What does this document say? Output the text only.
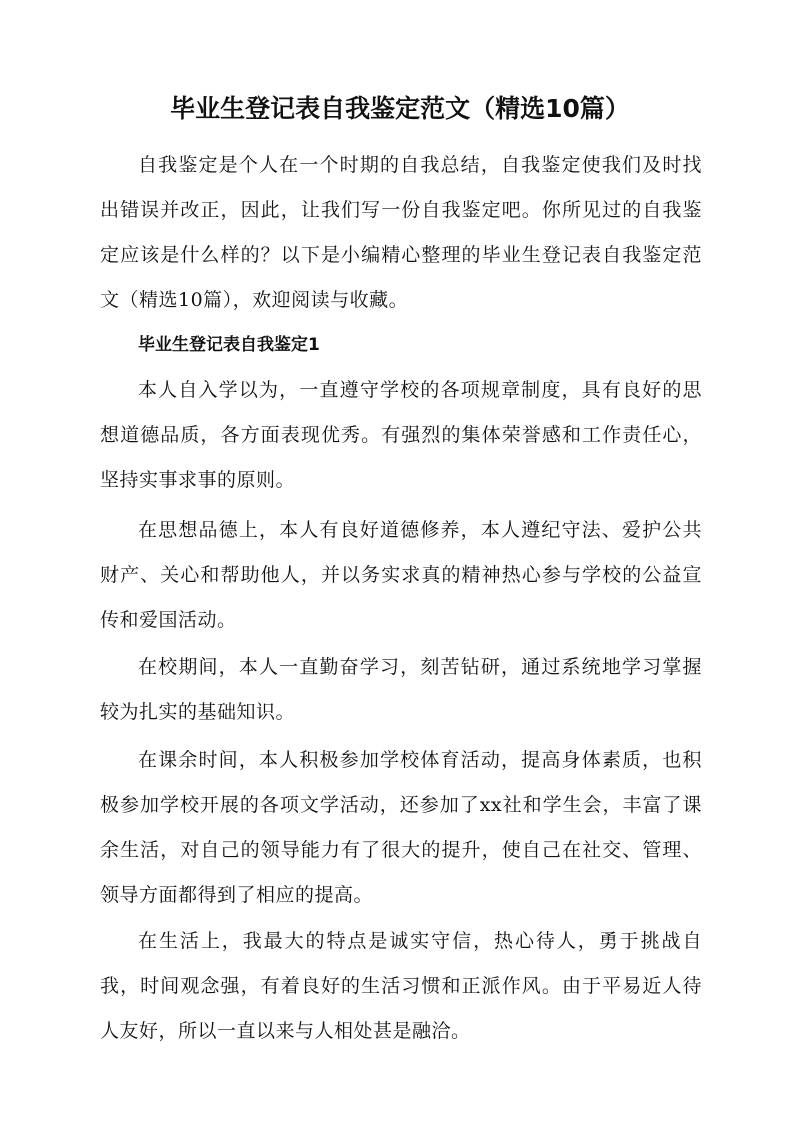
毕业生登记表自我鉴定范文（精选10篇）

自我鉴定是个人在一个时期的自我总结，自我鉴定使我们及时找出错误并改正，因此，让我们写一份自我鉴定吧。你所见过的自我鉴定应该是什么样的？以下是小编精心整理的毕业生登记表自我鉴定范文（精选10篇），欢迎阅读与收藏。

毕业生登记表自我鉴定1

本人自入学以为，一直遵守学校的各项规章制度，具有良好的思想道德品质，各方面表现优秀。有强烈的集体荣誉感和工作责任心，坚持实事求事的原则。

在思想品德上，本人有良好道德修养，本人遵纪守法、爱护公共财产、关心和帮助他人，并以务实求真的精神热心参与学校的公益宣传和爱国活动。

在校期间，本人一直勤奋学习，刻苦钻研，通过系统地学习掌握较为扎实的基础知识。

在课余时间，本人积极参加学校体育活动，提高身体素质，也积极参加学校开展的各项文学活动，还参加了xx社和学生会，丰富了课余生活，对自己的领导能力有了很大的提升，使自己在社交、管理、领导方面都得到了相应的提高。

在生活上，我最大的特点是诚实守信，热心待人，勇于挑战自我，时间观念强，有着良好的生活习惯和正派作风。由于平易近人待人友好，所以一直以来与人相处甚是融洽。
